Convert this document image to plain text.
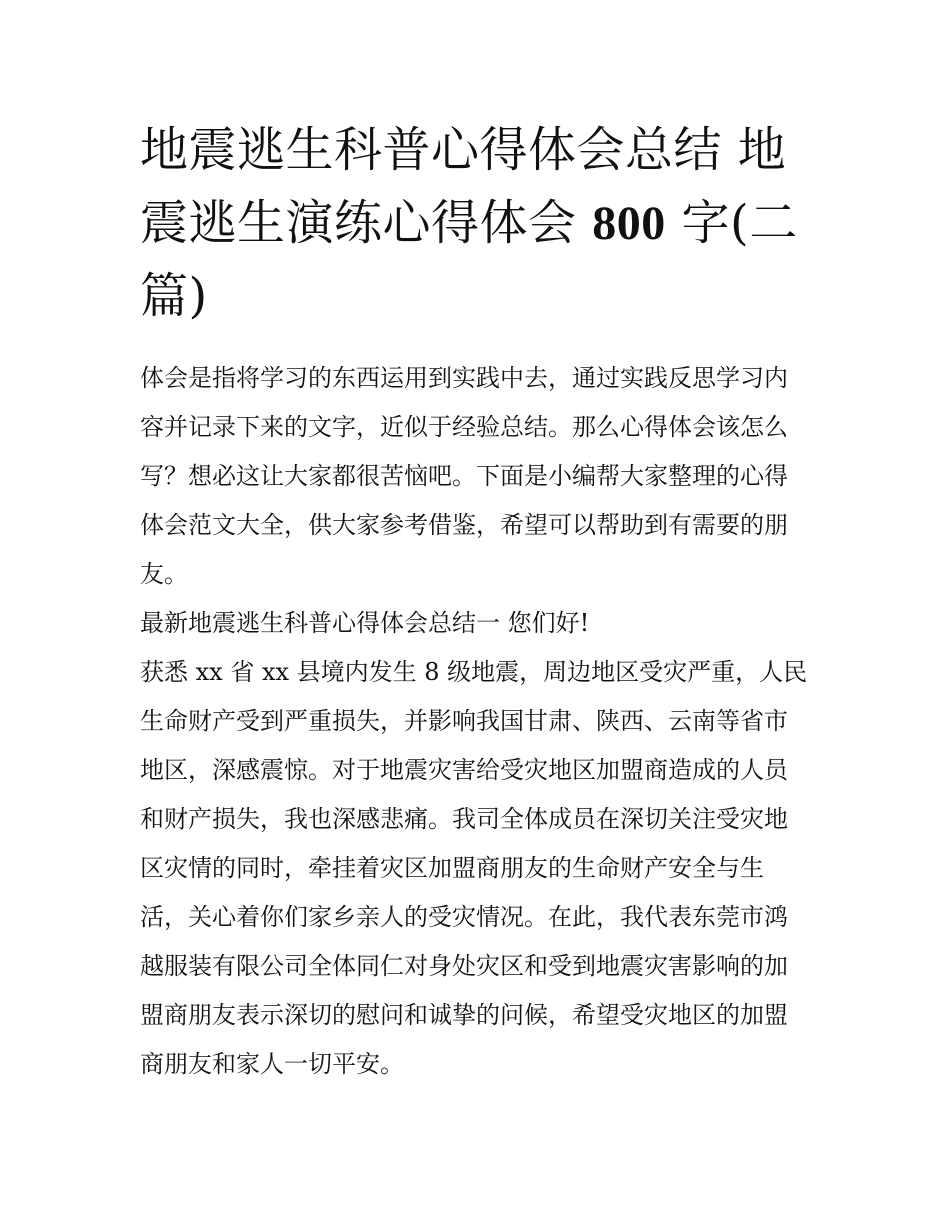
地震逃生科普心得体会总结 地
震逃生演练心得体会 800 字(二
篇)

体会是指将学习的东西运用到实践中去，通过实践反思学习内
容并记录下来的文字，近似于经验总结。那么心得体会该怎么
写？想必这让大家都很苦恼吧。下面是小编帮大家整理的心得
体会范文大全，供大家参考借鉴，希望可以帮助到有需要的朋
友。

最新地震逃生科普心得体会总结一 您们好!

获悉 xx 省 xx 县境内发生 8 级地震，周边地区受灾严重，人民
生命财产受到严重损失，并影响我国甘肃、陕西、云南等省市
地区，深感震惊。对于地震灾害给受灾地区加盟商造成的人员
和财产损失，我也深感悲痛。我司全体成员在深切关注受灾地
区灾情的同时，牵挂着灾区加盟商朋友的生命财产安全与生
活，关心着你们家乡亲人的受灾情况。在此，我代表东莞市鸿
越服装有限公司全体同仁对身处灾区和受到地震灾害影响的加
盟商朋友表示深切的慰问和诚挚的问候，希望受灾地区的加盟
商朋友和家人一切平安。
